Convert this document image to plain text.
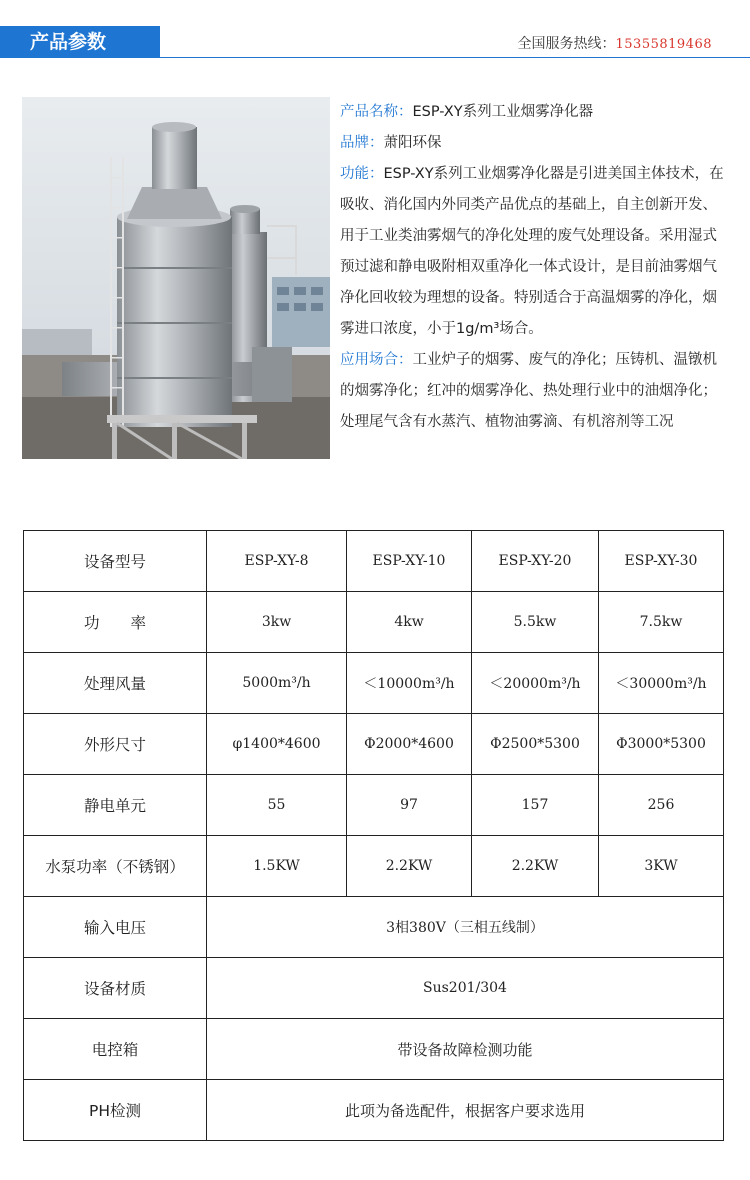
产品参数	全国服务热线：15355819468

产品名称：ESP-XY系列工业烟雾净化器

品牌：萧阳环保

功能：ESP-XY系列工业烟雾净化器是引进美国主体技术，在吸收、消化国内外同类产品优点的基础上，自主创新开发、用于工业类油雾烟气的净化处理的废气处理设备。采用湿式预过滤和静电吸附相双重净化一体式设计，是目前油雾烟气净化回收较为理想的设备。特别适合于高温烟雾的净化，烟雾进口浓度，小于1g/m³场合。

应用场合：工业炉子的烟雾、废气的净化；压铸机、温镦机的烟雾净化；红冲的烟雾净化、热处理行业中的油烟净化；处理尾气含有水蒸汽、植物油雾滴、有机溶剂等工况

设备型号	ESP-XY-8	ESP-XY-10	ESP-XY-20	ESP-XY-30
功　　率	3kw	4kw	5.5kw	7.5kw
处理风量	5000m³/h	＜10000m³/h	＜20000m³/h	＜30000m³/h
外形尺寸	φ1400*4600	Φ2000*4600	Φ2500*5300	Φ3000*5300
静电单元	55	97	157	256
水泵功率（不锈钢）	1.5KW	2.2KW	2.2KW	3KW
输入电压	3相380V（三相五线制）			
设备材质	Sus201/304			
电控箱	带设备故障检测功能			
PH检测	此项为备选配件，根据客户要求选用			
